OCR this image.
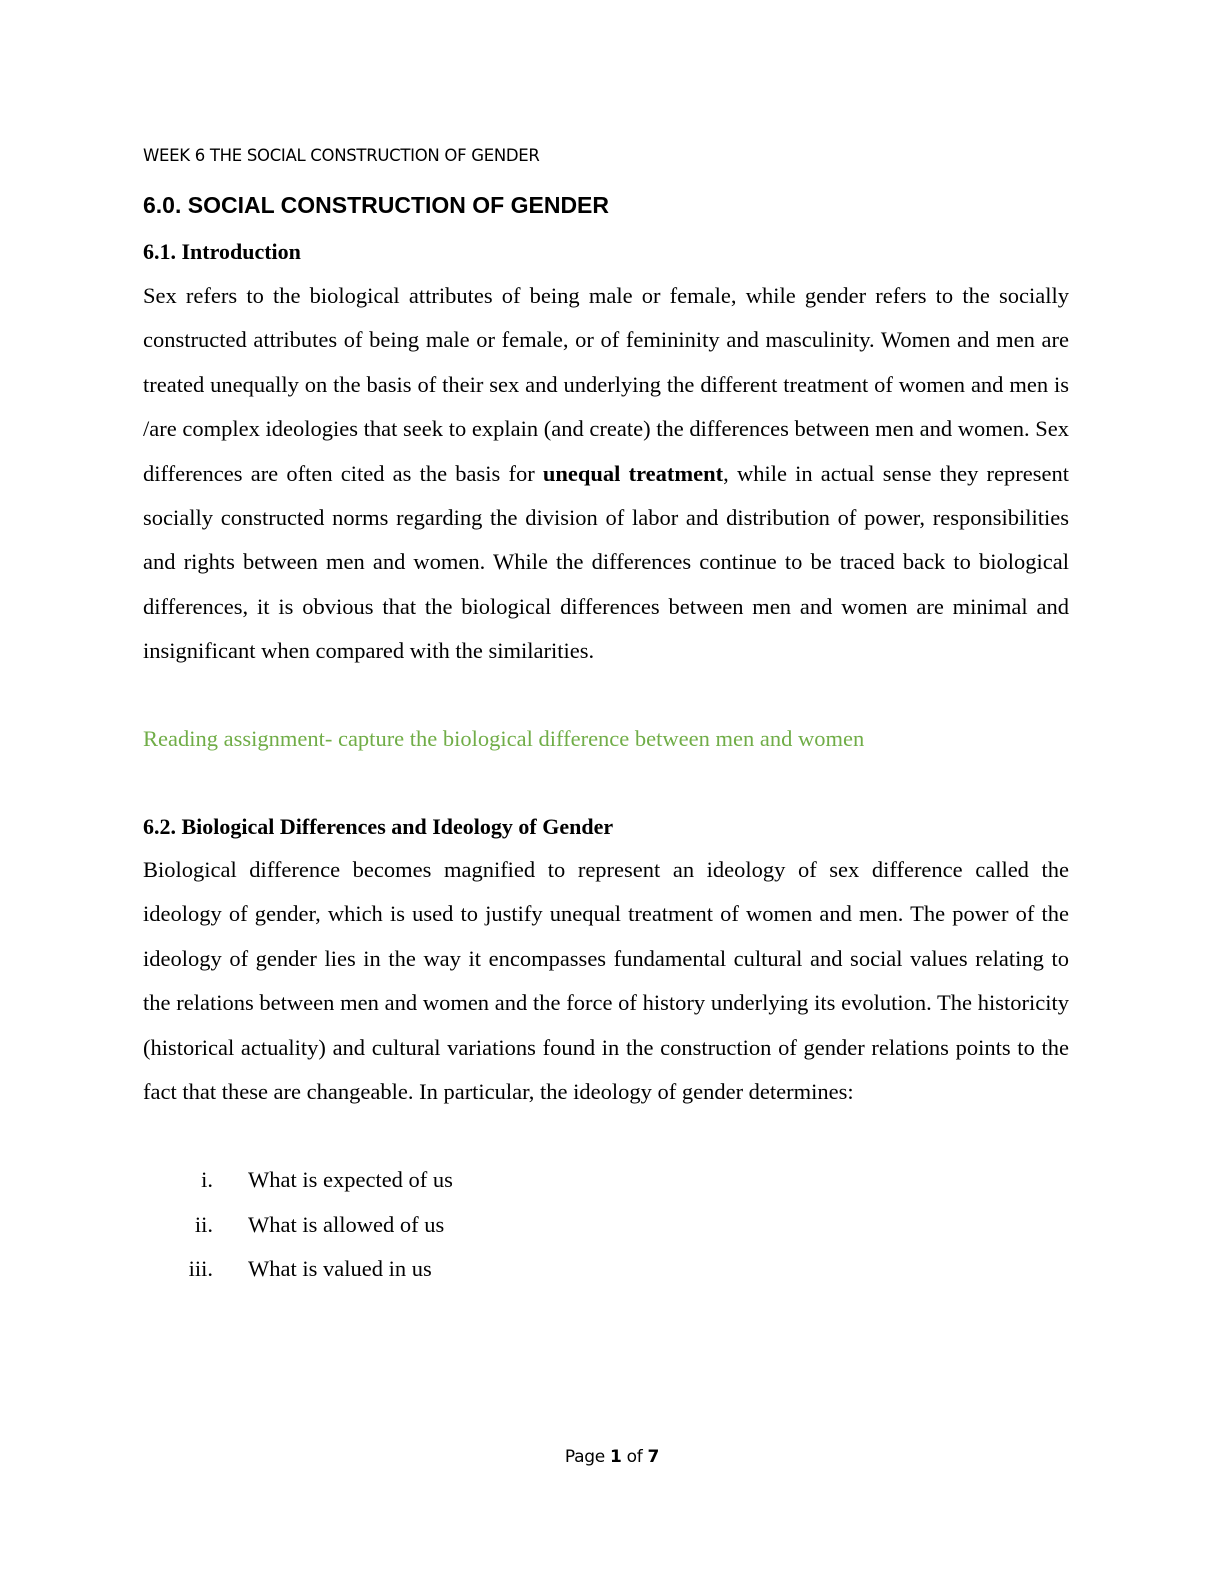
WEEK 6 THE SOCIAL CONSTRUCTION OF GENDER
6.0. SOCIAL CONSTRUCTION OF GENDER
6.1. Introduction

Sex refers to the biological attributes of being male or female, while gender refers to the socially constructed attributes of being male or female, or of femininity and masculinity. Women and men are treated unequally on the basis of their sex and underlying the different treatment of women and men is /are complex ideologies that seek to explain (and create) the differences between men and women. Sex differences are often cited as the basis for unequal treatment, while in actual sense they represent socially constructed norms regarding the division of labor and distribution of power, responsibilities and rights between men and women. While the differences continue to be traced back to biological differences, it is obvious that the biological differences between men and women are minimal and insignificant when compared with the similarities.

Reading assignment- capture the biological difference between men and women
6.2. Biological Differences and Ideology of Gender

Biological difference becomes magnified to represent an ideology of sex difference called the ideology of gender, which is used to justify unequal treatment of women and men. The power of the ideology of gender lies in the way it encompasses fundamental cultural and social values relating to the relations between men and women and the force of history underlying its evolution. The historicity (historical actuality) and cultural variations found in the construction of gender relations points to the fact that these are changeable. In particular, the ideology of gender determines:

i. What is expected of us
ii. What is allowed of us
iii. What is valued in us
Page 1 of 7
